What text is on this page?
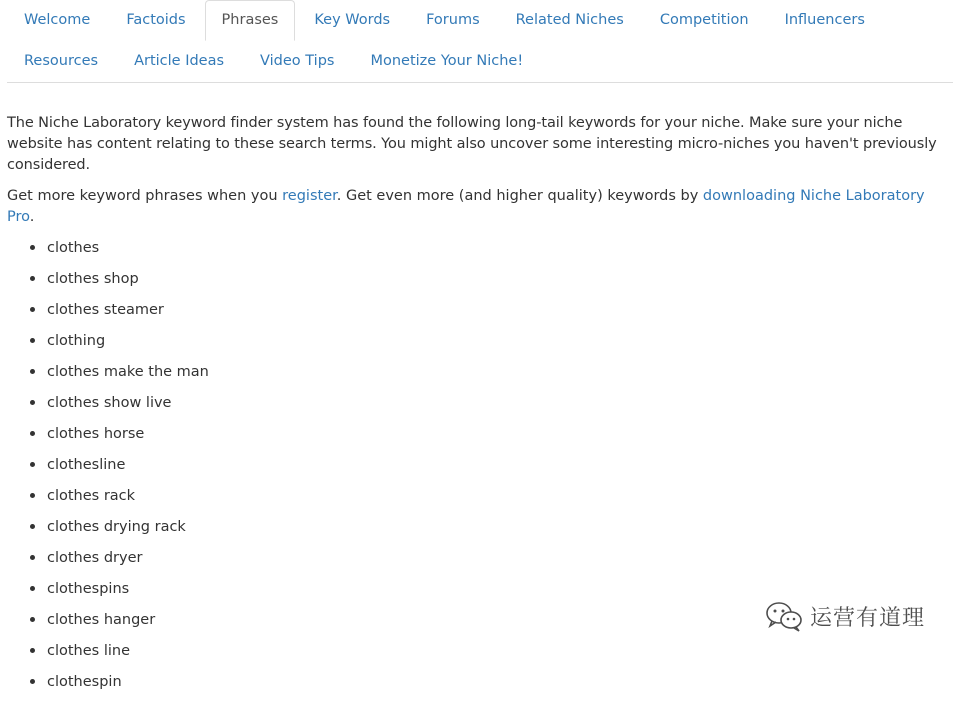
Welcome	Factoids	Phrases	Key Words	Forums	Related Niches	Competition	Influencers
Resources	Article Ideas	Video Tips	Monetize Your Niche!

The Niche Laboratory keyword finder system has found the following long-tail keywords for your niche. Make sure your niche website has content relating to these search terms. You might also uncover some interesting micro-niches you haven't previously considered.

Get more keyword phrases when you register. Get even more (and higher quality) keywords by downloading Niche Laboratory Pro.

clothes
clothes shop
clothes steamer
clothing
clothes make the man
clothes show live
clothes horse
clothesline
clothes rack
clothes drying rack
clothes dryer
clothespins
clothes hanger
clothes line
clothespin
运营有道理
